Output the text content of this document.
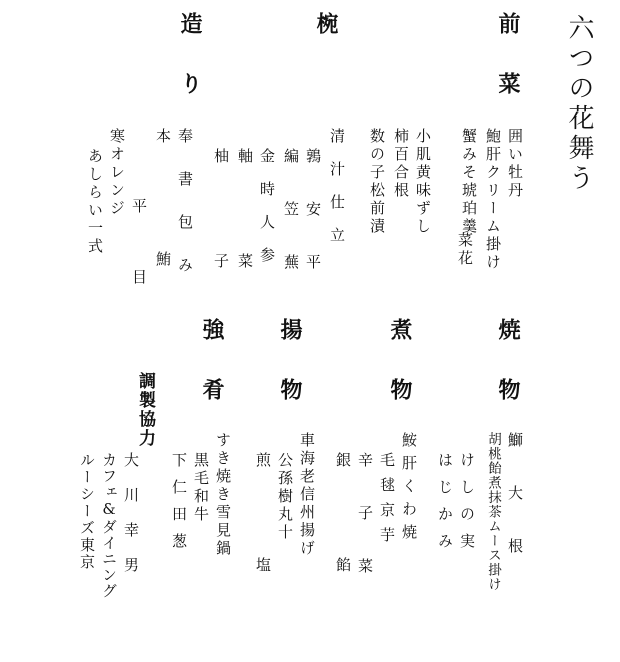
六つの花舞う
前菜
椀
造り
囲い牡丹
鮑肝クリーム掛け
蟹みそ琥珀羹
菜花
小肌黄味ずし
柿百合根
数の子松前漬
清汁仕立
鶉安平
編笠蕪
金時人参
軸菜
柚子
奉書包み
本鮪
平目
寒オレンジ
あしらい一式
焼物
煮物
揚物
強肴
鰤大根
胡桃飴煮抹茶ムース掛け
けしの実
はじかみ
鮟肝くわ焼
毛毬京芋
辛子菜
銀餡
車海老信州揚げ
公孫樹丸十
煎塩
すき焼き雪見鍋
黒毛和牛
下仁田葱
調製協力
大川幸男
カフェ&ダイニング
ルーシーズ東京
